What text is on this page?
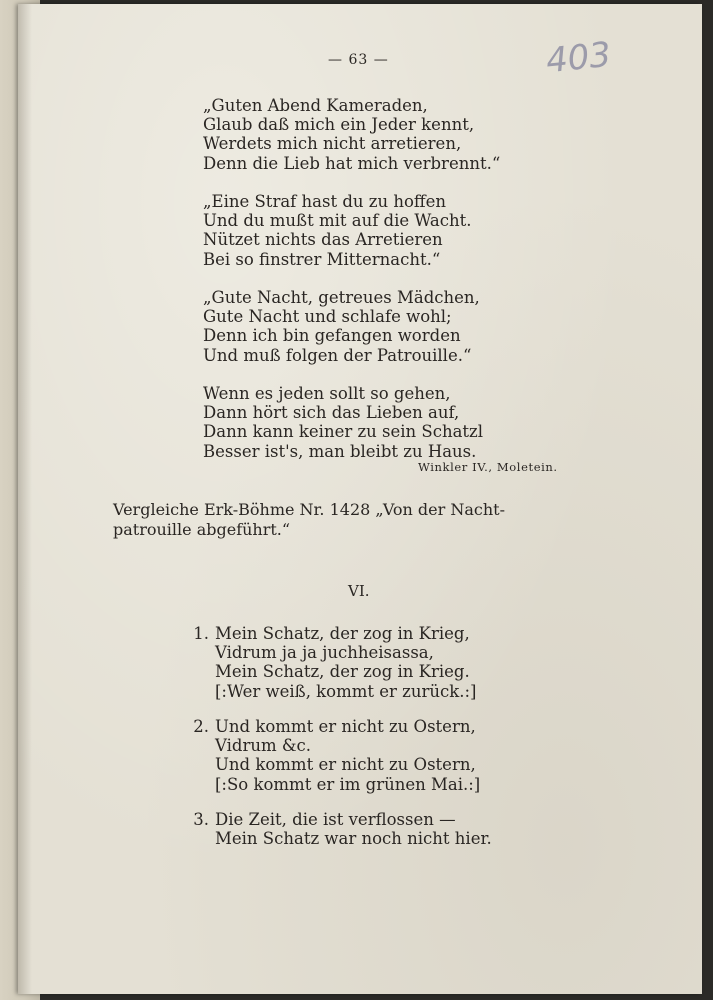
— 63 —	403
„Guten Abend Kameraden,
Glaub daß mich ein Jeder kennt,
Werdets mich nicht arretieren,
Denn die Lieb hat mich verbrennt.“
„Eine Straf hast du zu hoffen
Und du mußt mit auf die Wacht.
Nützet nichts das Arretieren
Bei so finstrer Mitternacht.“
„Gute Nacht, getreues Mädchen,
Gute Nacht und schlafe wohl;
Denn ich bin gefangen worden
Und muß folgen der Patrouille.“
Wenn es jeden sollt so gehen,
Dann hört sich das Lieben auf,
Dann kann keiner zu sein Schatzl
Besser ist's, man bleibt zu Haus.
Winkler IV., Moletein.
Vergleiche Erk-Böhme Nr. 1428 „Von der Nacht-
patrouille abgeführt.“
VI.
1. Mein Schatz, der zog in Krieg,
Vidrum ja ja juchheisassa,
Mein Schatz, der zog in Krieg.
[:Wer weiß, kommt er zurück.:]
2. Und kommt er nicht zu Ostern,
Vidrum &c.
Und kommt er nicht zu Ostern,
[:So kommt er im grünen Mai.:]
3. Die Zeit, die ist verflossen —
Mein Schatz war noch nicht hier.
